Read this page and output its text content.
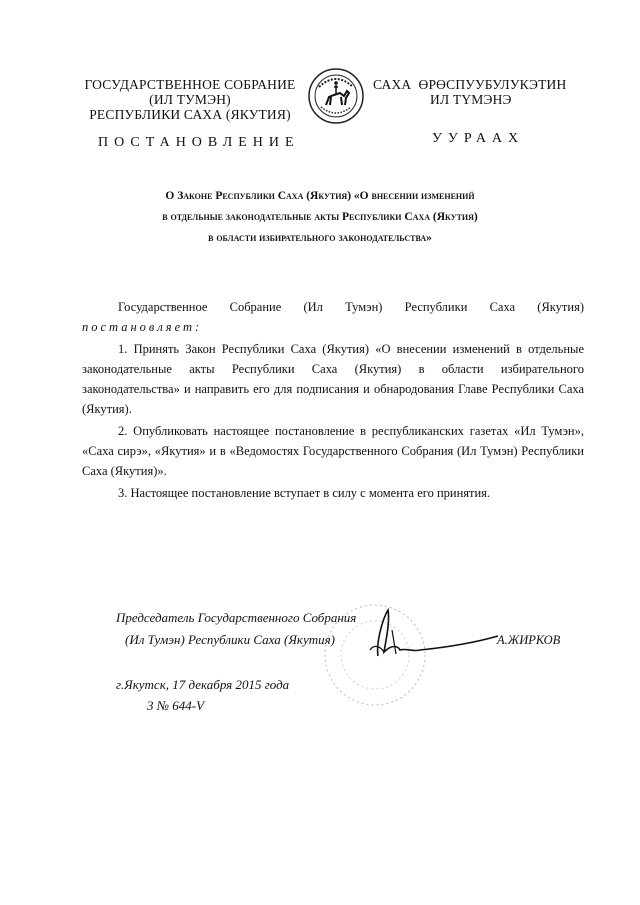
ГОСУДАРСТВЕННОЕ СОБРАНИЕ
(ИЛ ТУМЭН)
РЕСПУБЛИКИ САХА (ЯКУТИЯ)
САХА  ӨРӨСПУУБУЛУКЭТИН
ИЛ ТҮМЭНЭ
ПОСТАНОВЛЕНИЕ	УУРААХ
О Законе Республики Саха (Якутия) «О внесении изменений
в отдельные законодательные акты Республики Саха (Якутия)
в области избирательного законодательства»
Государственное Собрание (Ил Тумэн) Республики Саха (Якутия)
постановляет:
1. Принять Закон Республики Саха (Якутия) «О внесении изменений в отдельные законодательные акты Республики Саха (Якутия) в области избирательного законодательства» и направить его для подписания и обнародования Главе Республики Саха (Якутия).
2. Опубликовать настоящее постановление в республиканских газетах «Ил Тумэн», «Саха сирэ», «Якутия» и в «Ведомостях Государственного Собрания (Ил Тумэн) Республики Саха (Якутия)».
3. Настоящее постановление вступает в силу с момента его принятия.
Председатель Государственного Собрания
(Ил Тумэн) Республики Саха (Якутия)	А.ЖИРКОВ
г.Якутск, 17 декабря 2015 года
3 № 644-V
